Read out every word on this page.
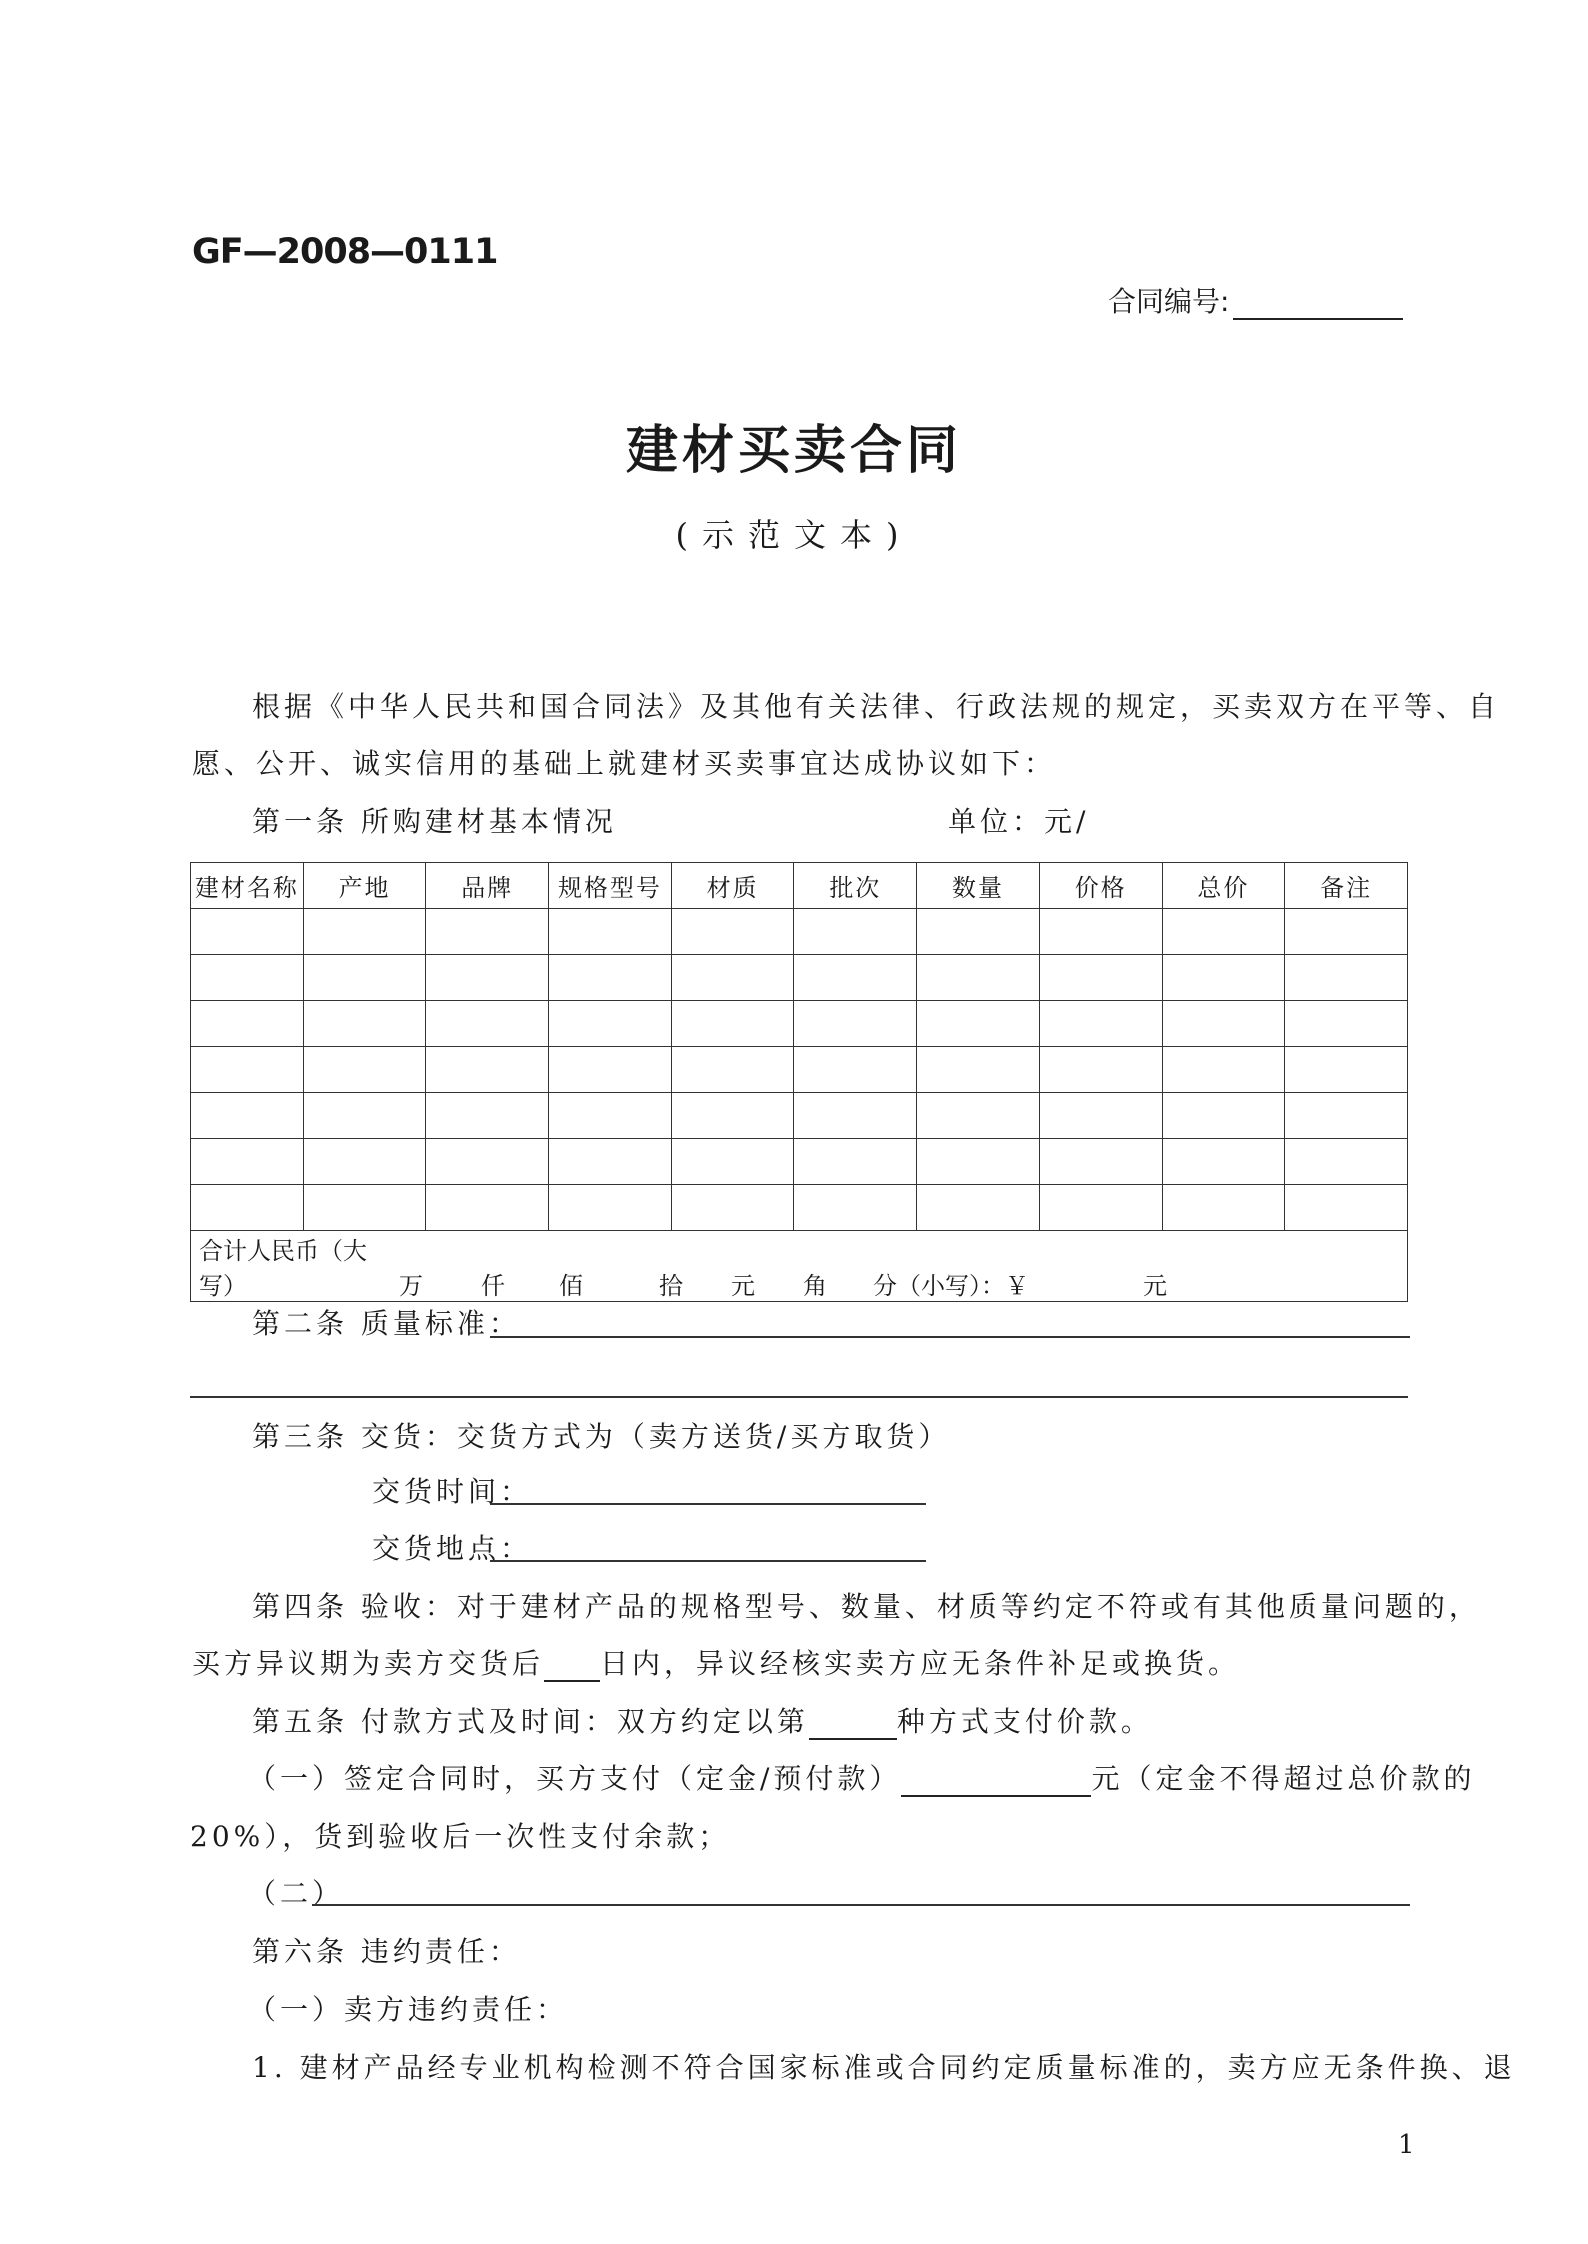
GF—2008—0111
合同编号:
建材买卖合同
(示范文本)
根据《中华人民共和国合同法》及其他有关法律、行政法规的规定，买卖双方在平等、自
愿、公开、诚实信用的基础上就建材买卖事宜达成协议如下：
第一条 所购建材基本情况	单位：元/
建材名称	产地	品牌	规格型号	材质	批次	数量	价格	总价	备注

合计人民币（大写） 万 仟 佰 拾 元 角 分（小写）：￥ 元									
第二条 质量标准：
第三条 交货：交货方式为（卖方送货/买方取货）
交货时间：
交货地点：
第四条 验收：对于建材产品的规格型号、数量、材质等约定不符或有其他质量问题的，
买方异议期为卖方交货后 日内，异议经核实卖方应无条件补足或换货。
第五条 付款方式及时间：双方约定以第	种方式支付价款。
（一）签定合同时，买方支付（定金/预付款）	元（定金不得超过总价款的
20%），货到验收后一次性支付余款；
（二）
第六条 违约责任：
（一）卖方违约责任：
1. 建材产品经专业机构检测不符合国家标准或合同约定质量标准的，卖方应无条件换、退
1
